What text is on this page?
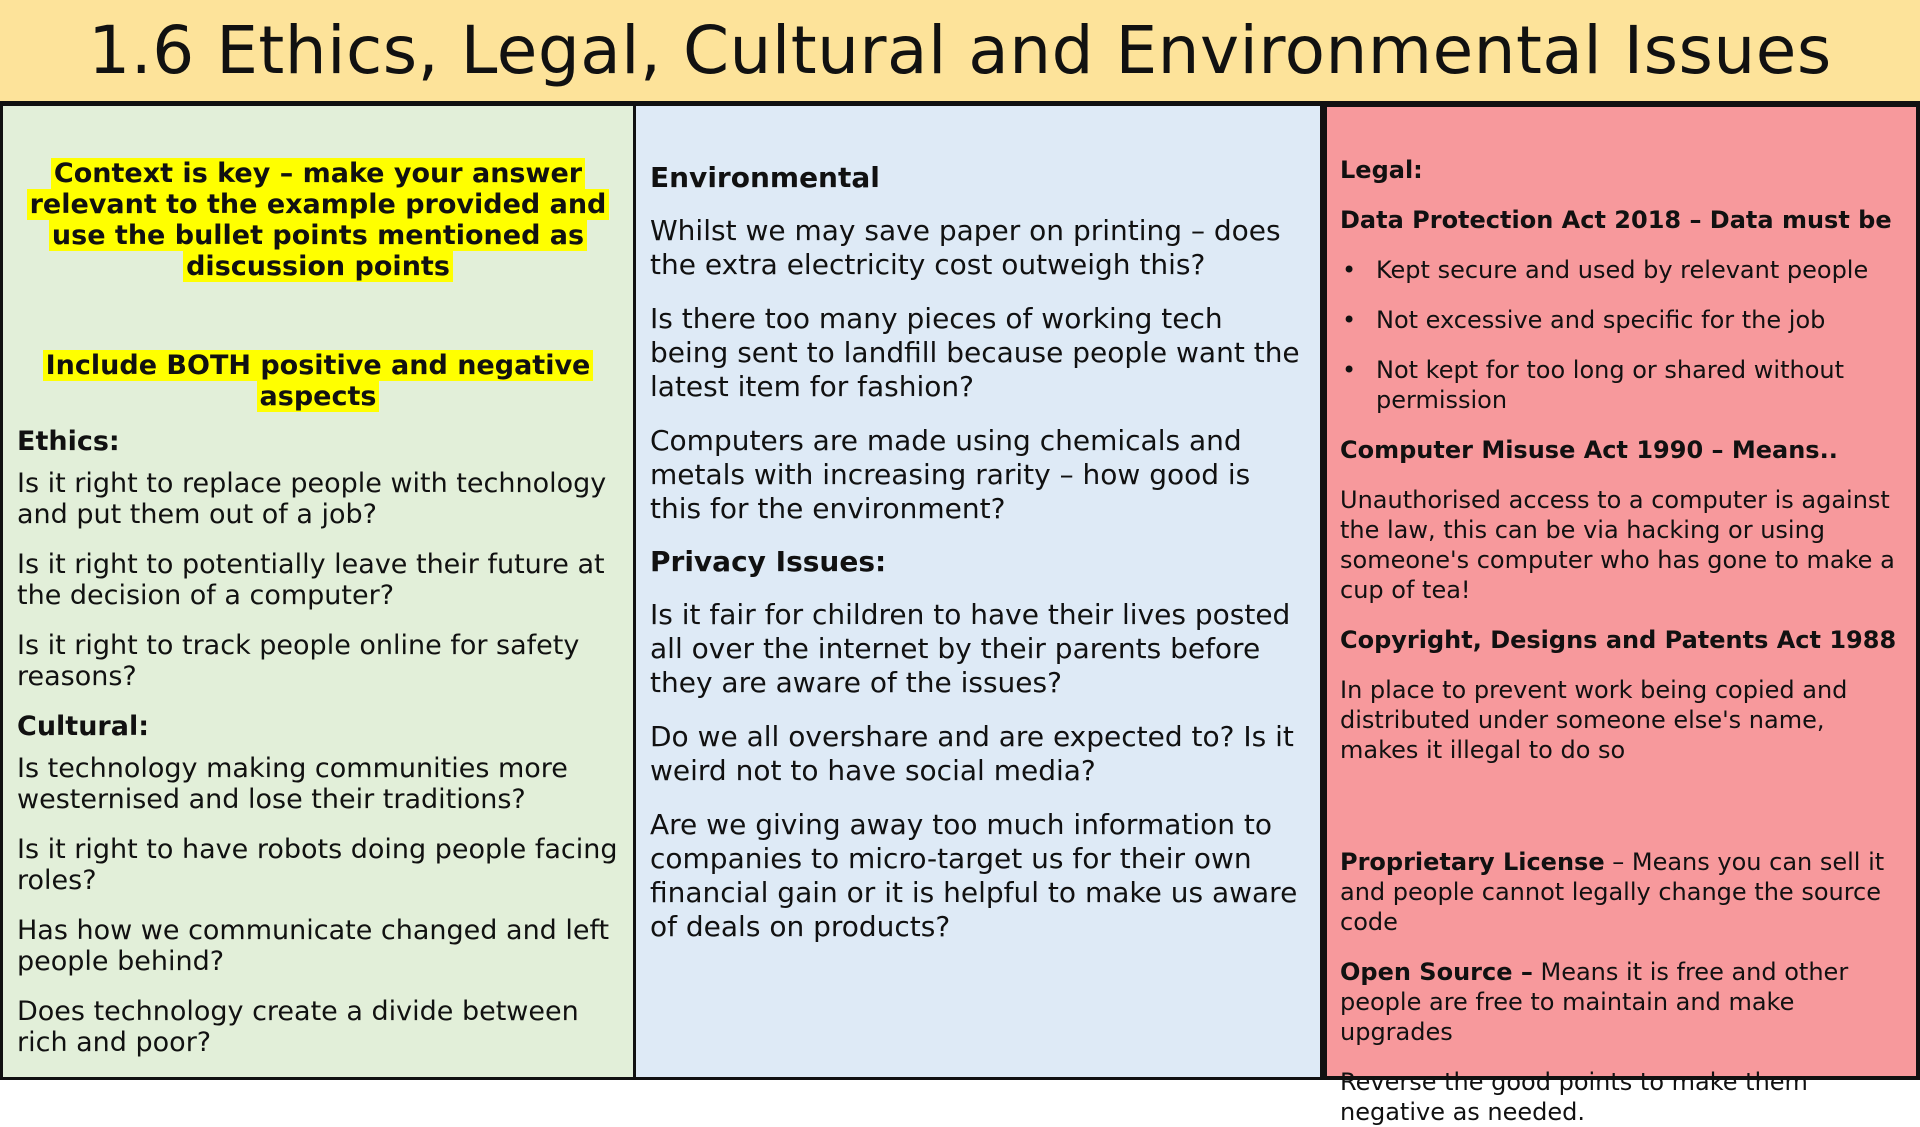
1.6 Ethics, Legal, Cultural and Environmental Issues
Context is key – make your answer relevant to the example provided and use the bullet points mentioned as discussion points
Include BOTH positive and negative aspects

Ethics:

Is it right to replace people with technology and put them out of a job?

Is it right to potentially leave their future at the decision of a computer?

Is it right to track people online for safety reasons?

Cultural:

Is technology making communities more westernised and lose their traditions?

Is it right to have robots doing people facing roles?

Has how we communicate changed and left people behind?

Does technology create a divide between rich and poor?

Environmental

Whilst we may save paper on printing – does the extra electricity cost outweigh this?

Is there too many pieces of working tech being sent to landfill because people want the latest item for fashion?

Computers are made using chemicals and metals with increasing rarity – how good is this for the environment?

Privacy Issues:

Is it fair for children to have their lives posted all over the internet by their parents before they are aware of the issues?

Do we all overshare and are expected to? Is it weird not to have social media?

Are we giving away too much information to companies to micro-target us for their own financial gain or it is helpful to make us aware of deals on products?

Legal:

Data Protection Act 2018 – Data must be

• Kept secure and used by relevant people
• Not excessive and specific for the job
• Not kept for too long or shared without permission

Computer Misuse Act 1990 – Means..

Unauthorised access to a computer is against the law, this can be via hacking or using someone's computer who has gone to make a cup of tea!

Copyright, Designs and Patents Act 1988

In place to prevent work being copied and distributed under someone else's name, makes it illegal to do so

Proprietary License – Means you can sell it and people cannot legally change the source code

Open Source – Means it is free and other people are free to maintain and make upgrades

Reverse the good points to make them negative as needed.
